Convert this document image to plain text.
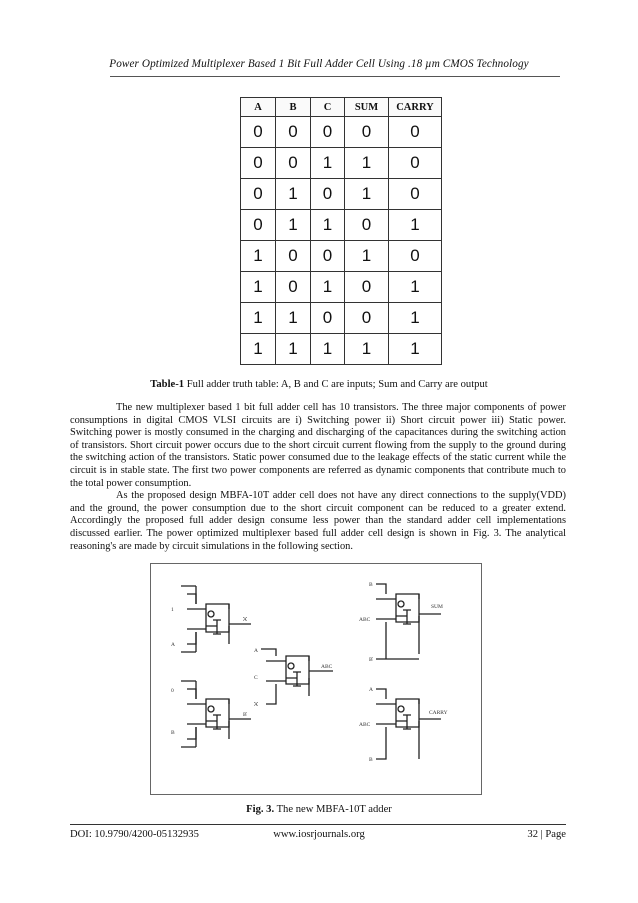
Power Optimized Multiplexer Based 1 Bit Full Adder Cell Using .18 µm CMOS Technology
A	B	C	SUM	CARRY
0	0	0	0	0
0	0	1	1	0
0	1	0	1	0
0	1	1	0	1
1	0	0	1	0
1	0	1	0	1
1	1	0	0	1
1	1	1	1	1
Table-1 Full adder truth table: A, B and C are inputs; Sum and Carry are output

The new multiplexer based 1 bit full adder cell has 10 transistors. The three major components of power consumptions in digital CMOS VLSI circuits are i) Switching power ii) Short circuit power iii) Static power. Switching power is mostly consumed in the charging and discharging of the capacitances during the switching action of transistors. Short circuit power occurs due to the short circuit current flowing from the supply to the ground during the switching action of the transistors. Static power consumed due to the leakage effects of the static current while the circuit is in stable state. The first two power components are referred as dynamic components that contribute much to the total power consumption.

As the proposed design MBFA-10T adder cell does not have any direct connections to the supply(VDD) and the ground, the power consumption due to the short circuit component can be reduced to a greater extend. Accordingly the proposed full adder design consume less power than the standard adder cell implementations discussed earlier. The power optimized multiplexer based full adder cell design is shown in Fig. 3. The analytical reasoning's are made by circuit simulations in the following section.

1
A
A
0
B
B
A
C
A
ABC
B
ABC
B
SUM
A
ABC
B
CARRY
Fig. 3. The new MBFA-10T adder
DOI: 10.9790/4200-05132935	www.iosrjournals.org	32 | Page
